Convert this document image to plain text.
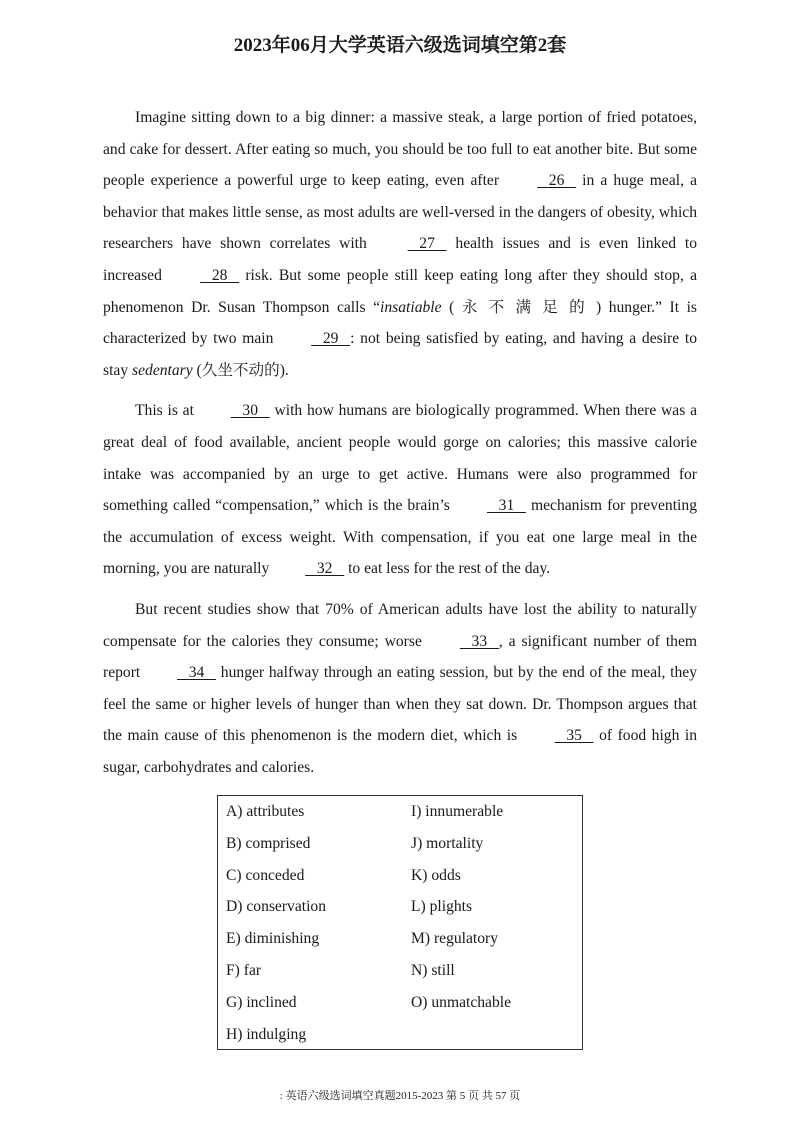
2023年06月大学英语六级选词填空第2套

Imagine sitting down to a big dinner: a massive steak, a large portion of fried potatoes, and cake for dessert. After eating so much, you should be too full to eat another bite. But some people experience a powerful urge to keep eating, even after    26    in a huge meal, a behavior that makes little sense, as most adults are well-versed in the dangers of obesity, which researchers have shown correlates with    27    health issues and is even linked to increased    28    risk. But some people still keep eating long after they should stop, a phenomenon Dr. Susan Thompson calls “insatiable ( 永 不 满 足 的 ) hunger.” It is characterized by two main    29   : not being satisfied by eating, and having a desire to stay sedentary (久坐不动的).

This is at    30    with how humans are biologically programmed. When there was a great deal of food available, ancient people would gorge on calories; this massive calorie intake was accompanied by an urge to get active. Humans were also programmed for something called “compensation,” which is the brain’s    31    mechanism for preventing the accumulation of excess weight. With compensation, if you eat one large meal in the morning, you are naturally    32    to eat less for the rest of the day.

But recent studies show that 70% of American adults have lost the ability to naturally compensate for the calories they consume; worse    33   , a significant number of them report    34    hunger halfway through an eating session, but by the end of the meal, they feel the same or higher levels of hunger than when they sat down. Dr. Thompson argues that the main cause of this phenomenon is the modern diet, which is    35    of food high in sugar, carbohydrates and calories.

A) attributes
B) comprised
C) conceded
D) conservation
E) diminishing
F) far
G) inclined
H) indulging
I) innumerable
J) mortality
K) odds
L) plights
M) regulatory
N) still
O) unmatchable
: 英语六级选词填空真题2015-2023 第 5 页 共 57 页
